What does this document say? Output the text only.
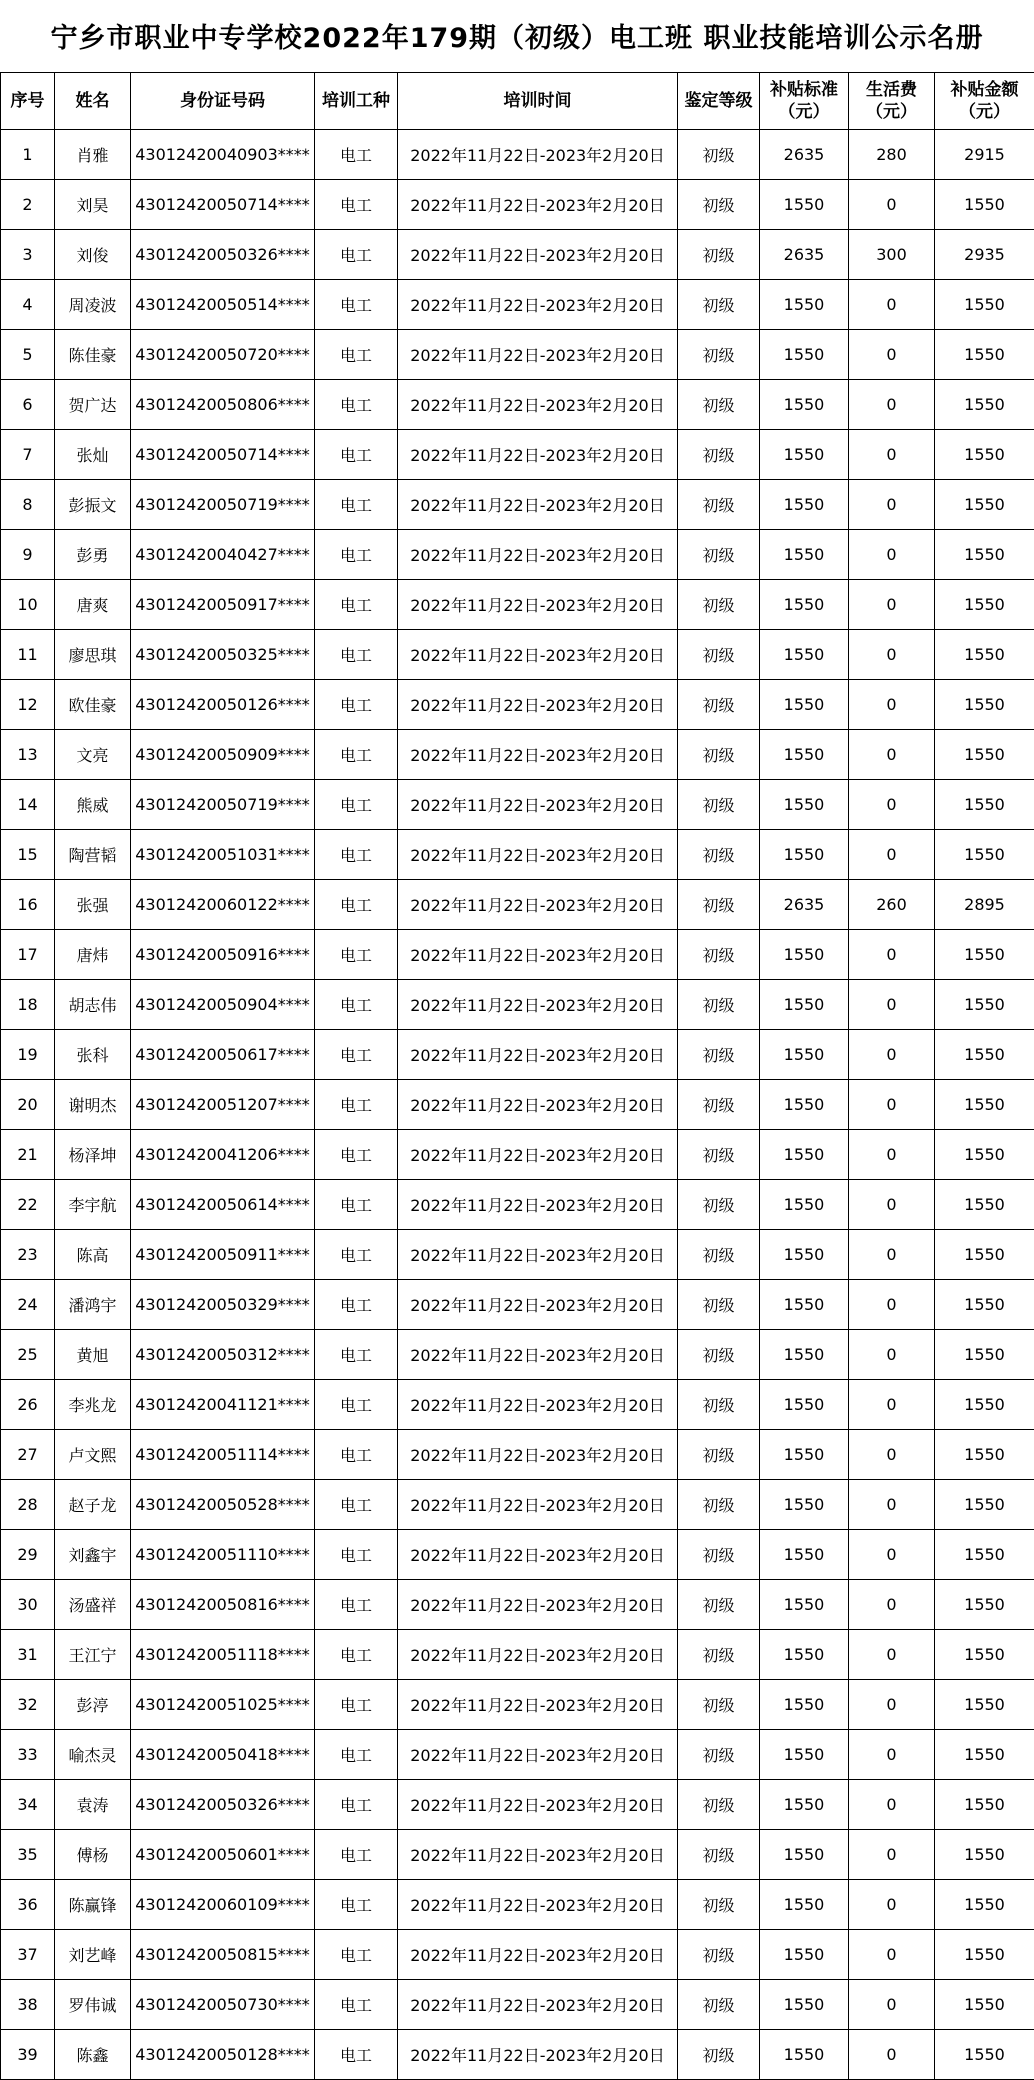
宁乡市职业中专学校2022年179期（初级）电工班 职业技能培训公示名册
序号	姓名	身份证号码	培训工种	培训时间	鉴定等级	补贴标准（元）	生活费（元）	补贴金额（元）
1	肖雅	43012420040903****	电工	2022年11月22日-2023年2月20日	初级	2635	280	2915
2	刘昊	43012420050714****	电工	2022年11月22日-2023年2月20日	初级	1550	0	1550
3	刘俊	43012420050326****	电工	2022年11月22日-2023年2月20日	初级	2635	300	2935
4	周凌波	43012420050514****	电工	2022年11月22日-2023年2月20日	初级	1550	0	1550
5	陈佳豪	43012420050720****	电工	2022年11月22日-2023年2月20日	初级	1550	0	1550
6	贺广达	43012420050806****	电工	2022年11月22日-2023年2月20日	初级	1550	0	1550
7	张灿	43012420050714****	电工	2022年11月22日-2023年2月20日	初级	1550	0	1550
8	彭振文	43012420050719****	电工	2022年11月22日-2023年2月20日	初级	1550	0	1550
9	彭勇	43012420040427****	电工	2022年11月22日-2023年2月20日	初级	1550	0	1550
10	唐爽	43012420050917****	电工	2022年11月22日-2023年2月20日	初级	1550	0	1550
11	廖思琪	43012420050325****	电工	2022年11月22日-2023年2月20日	初级	1550	0	1550
12	欧佳豪	43012420050126****	电工	2022年11月22日-2023年2月20日	初级	1550	0	1550
13	文亮	43012420050909****	电工	2022年11月22日-2023年2月20日	初级	1550	0	1550
14	熊威	43012420050719****	电工	2022年11月22日-2023年2月20日	初级	1550	0	1550
15	陶营韬	43012420051031****	电工	2022年11月22日-2023年2月20日	初级	1550	0	1550
16	张强	43012420060122****	电工	2022年11月22日-2023年2月20日	初级	2635	260	2895
17	唐炜	43012420050916****	电工	2022年11月22日-2023年2月20日	初级	1550	0	1550
18	胡志伟	43012420050904****	电工	2022年11月22日-2023年2月20日	初级	1550	0	1550
19	张科	43012420050617****	电工	2022年11月22日-2023年2月20日	初级	1550	0	1550
20	谢明杰	43012420051207****	电工	2022年11月22日-2023年2月20日	初级	1550	0	1550
21	杨泽坤	43012420041206****	电工	2022年11月22日-2023年2月20日	初级	1550	0	1550
22	李宇航	43012420050614****	电工	2022年11月22日-2023年2月20日	初级	1550	0	1550
23	陈高	43012420050911****	电工	2022年11月22日-2023年2月20日	初级	1550	0	1550
24	潘鸿宇	43012420050329****	电工	2022年11月22日-2023年2月20日	初级	1550	0	1550
25	黄旭	43012420050312****	电工	2022年11月22日-2023年2月20日	初级	1550	0	1550
26	李兆龙	43012420041121****	电工	2022年11月22日-2023年2月20日	初级	1550	0	1550
27	卢文熙	43012420051114****	电工	2022年11月22日-2023年2月20日	初级	1550	0	1550
28	赵子龙	43012420050528****	电工	2022年11月22日-2023年2月20日	初级	1550	0	1550
29	刘鑫宇	43012420051110****	电工	2022年11月22日-2023年2月20日	初级	1550	0	1550
30	汤盛祥	43012420050816****	电工	2022年11月22日-2023年2月20日	初级	1550	0	1550
31	王江宁	43012420051118****	电工	2022年11月22日-2023年2月20日	初级	1550	0	1550
32	彭渟	43012420051025****	电工	2022年11月22日-2023年2月20日	初级	1550	0	1550
33	喻杰灵	43012420050418****	电工	2022年11月22日-2023年2月20日	初级	1550	0	1550
34	袁涛	43012420050326****	电工	2022年11月22日-2023年2月20日	初级	1550	0	1550
35	傅杨	43012420050601****	电工	2022年11月22日-2023年2月20日	初级	1550	0	1550
36	陈赢锋	43012420060109****	电工	2022年11月22日-2023年2月20日	初级	1550	0	1550
37	刘艺峰	43012420050815****	电工	2022年11月22日-2023年2月20日	初级	1550	0	1550
38	罗伟诚	43012420050730****	电工	2022年11月22日-2023年2月20日	初级	1550	0	1550
39	陈鑫	43012420050128****	电工	2022年11月22日-2023年2月20日	初级	1550	0	1550
